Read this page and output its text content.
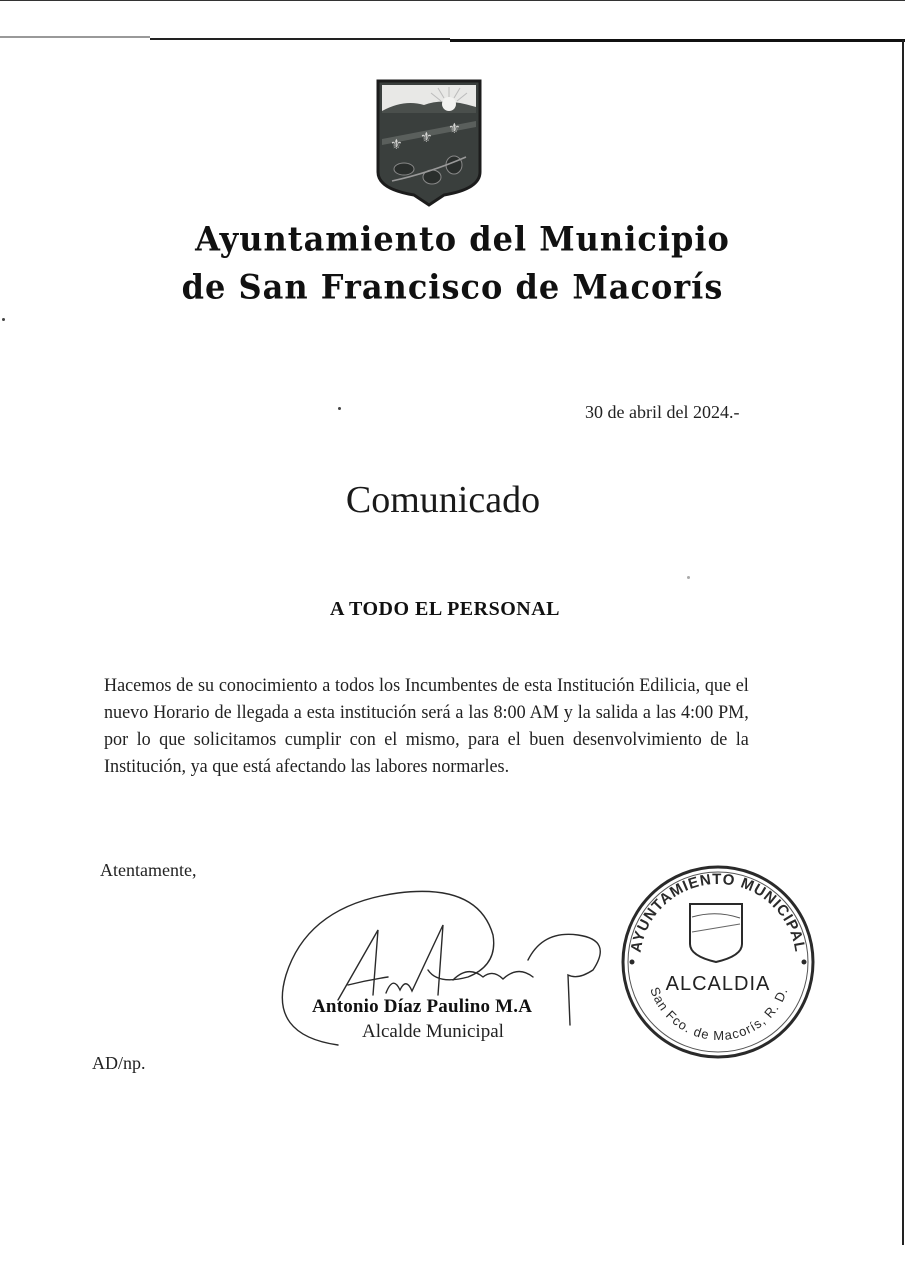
⚜ ⚜
⚜
Ayuntamiento del Municipio
de San Francisco de Macorís
30 de abril del 2024.-
Comunicado
A TODO EL PERSONAL
Hacemos de su conocimiento a todos los Incumbentes de esta Institución Edilicia, que el nuevo Horario de llegada a esta institución será a las 8:00 AM y la salida a las 4:00 PM, por lo que solicitamos cumplir con el mismo, para el buen desenvolvimiento de la Institución, ya que está afectando las labores normarles.
Atentamente,
Antonio Díaz Paulino M.A
Alcalde Municipal
AYUNTAMIENTO MUNICIPAL
San Fco. de Macorís, R. D.
ALCALDIA
AD/np.
